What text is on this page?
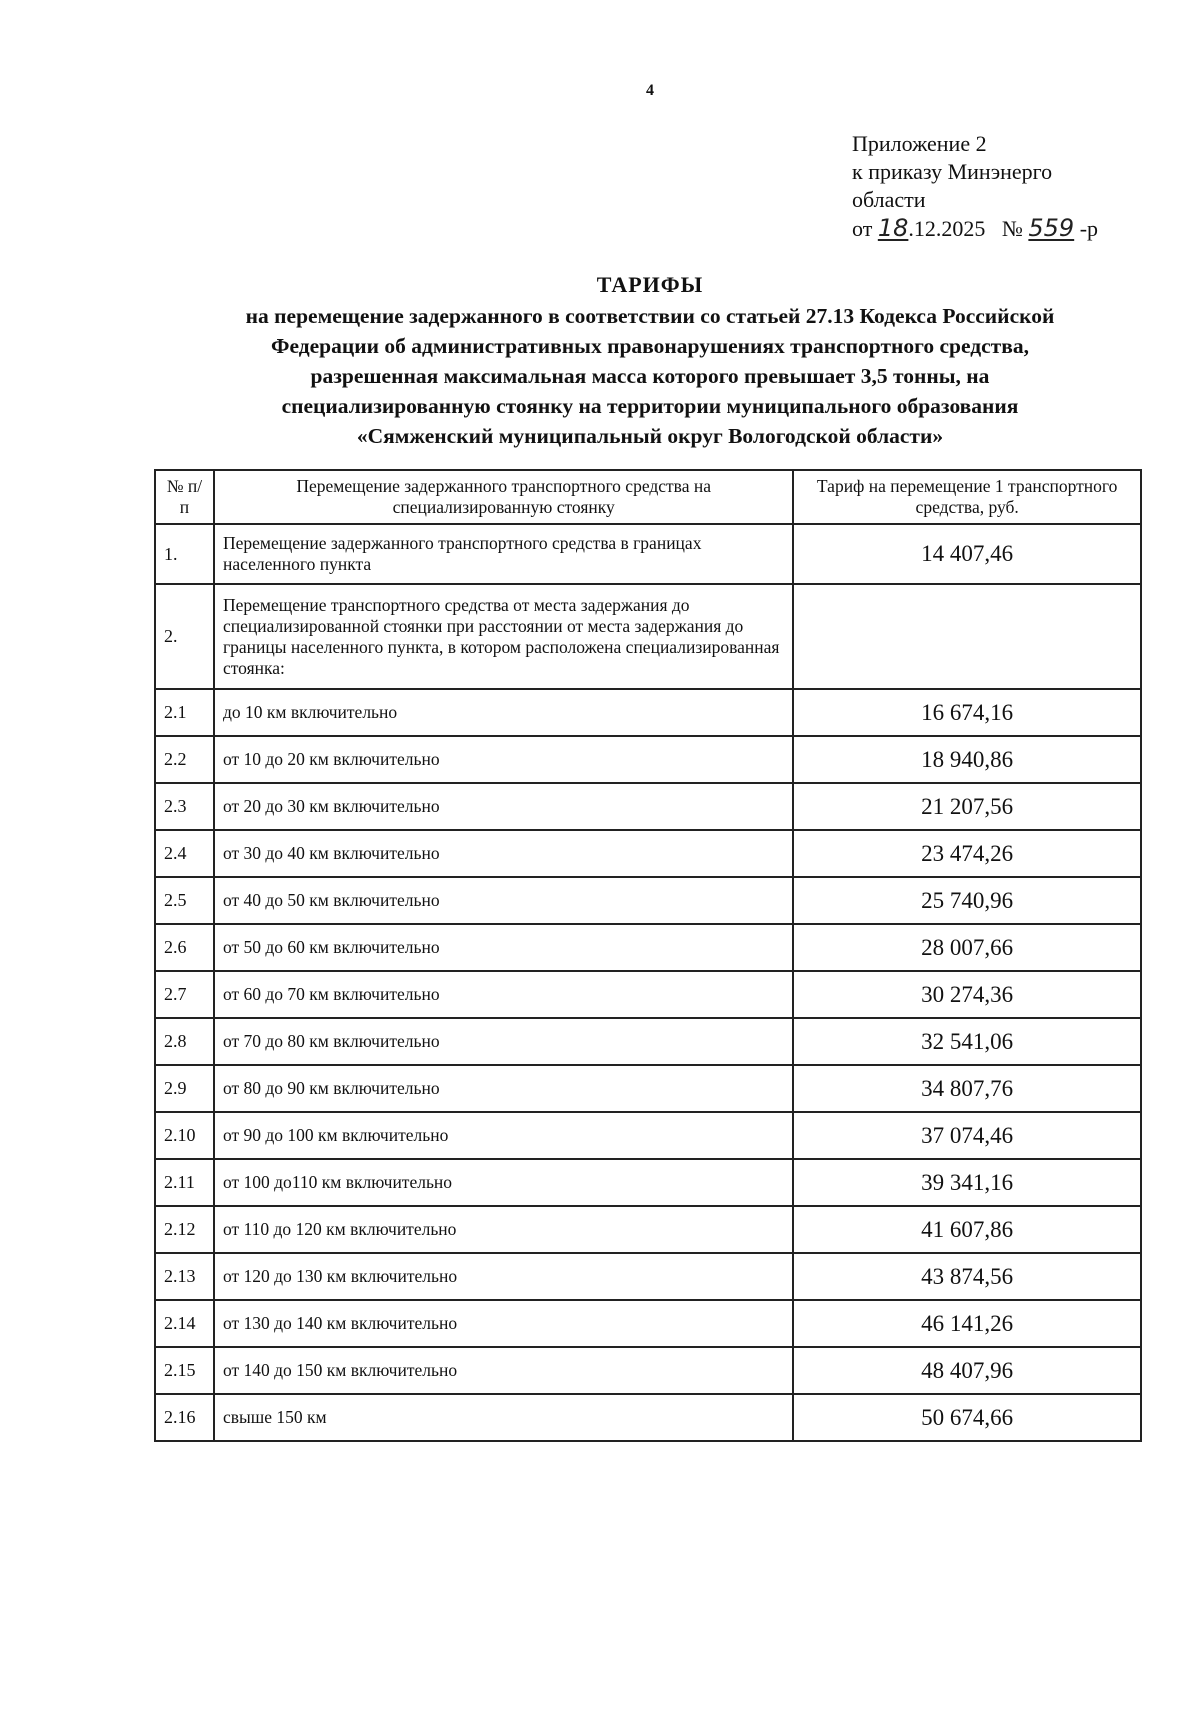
4
Приложение 2
к приказу Минэнерго
области
от 18.12.2025 № 559 -р
ТАРИФЫ
на перемещение задержанного в соответствии со статьей 27.13 Кодекса Российской
Федерации об административных правонарушениях транспортного средства,
разрешенная максимальная масса которого превышает 3,5 тонны, на
специализированную стоянку на территории муниципального образования
«Сямженский муниципальный округ Вологодской области»
№ п/п	Перемещение задержанного транспортного средства на специализированную стоянку	Тариф на перемещение 1 транспортного средства, руб.
1.	Перемещение задержанного транспортного средства в границах населенного пункта	14 407,46
2.	Перемещение транспортного средства от места задержания до специализированной стоянки при расстоянии от места задержания до границы населенного пункта, в котором расположена специализированная стоянка:	
2.1	до 10 км включительно	16 674,16
2.2	от 10 до 20 км включительно	18 940,86
2.3	от 20 до 30 км включительно	21 207,56
2.4	от 30 до 40 км включительно	23 474,26
2.5	от 40 до 50 км включительно	25 740,96
2.6	от 50 до 60 км включительно	28 007,66
2.7	от 60 до 70 км включительно	30 274,36
2.8	от 70 до 80 км включительно	32 541,06
2.9	от 80 до 90 км включительно	34 807,76
2.10	от 90 до 100 км включительно	37 074,46
2.11	от 100 до110 км включительно	39 341,16
2.12	от 110 до 120 км включительно	41 607,86
2.13	от 120 до 130 км включительно	43 874,56
2.14	от 130 до 140 км включительно	46 141,26
2.15	от 140 до 150 км включительно	48 407,96
2.16	свыше 150 км	50 674,66
